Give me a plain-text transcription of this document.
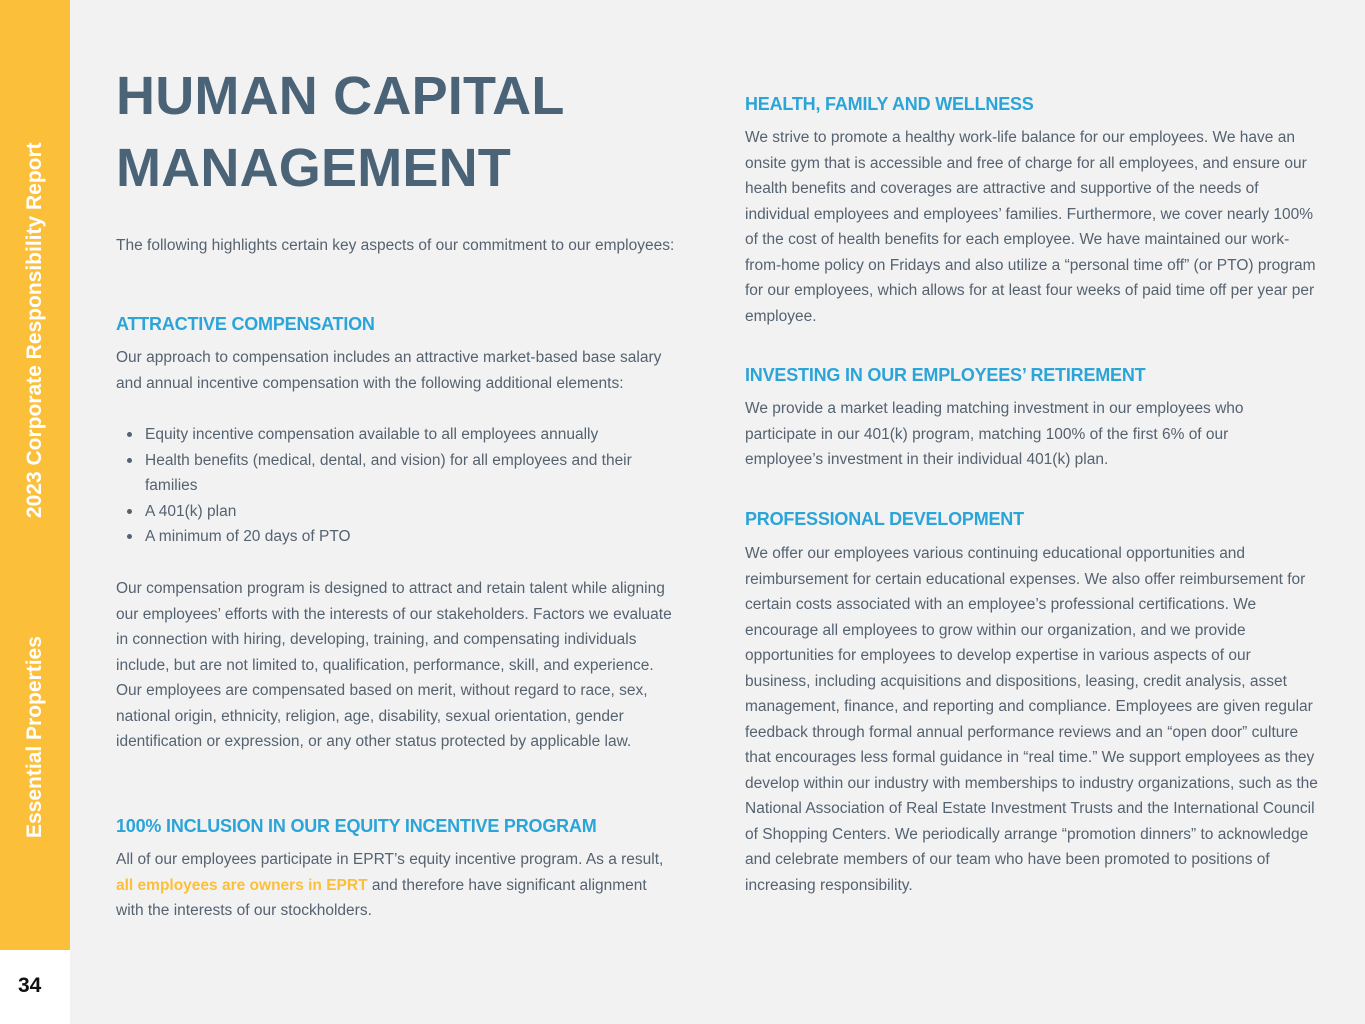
Essential Properties
2023 Corporate Responsibility Report
34
HUMAN CAPITAL
MANAGEMENT

The following highlights certain key aspects of our commitment to our employees:

ATTRACTIVE COMPENSATION

Our approach to compensation includes an attractive market-based base salary and annual incentive compensation with the following additional elements:

Equity incentive compensation available to all employees annually
Health benefits (medical, dental, and vision) for all employees and their families
A 401(k) plan
A minimum of 20 days of PTO

Our compensation program is designed to attract and retain talent while aligning our employees’ efforts with the interests of our stakeholders. Factors we evaluate in connection with hiring, developing, training, and compensating individuals include, but are not limited to, qualification, performance, skill, and experience. Our employees are compensated based on merit, without regard to race, sex, national origin, ethnicity, religion, age, disability, sexual orientation, gender identification or expression, or any other status protected by applicable law.

100% INCLUSION IN OUR EQUITY INCENTIVE PROGRAM

All of our employees participate in EPRT’s equity incentive program. As a result, all employees are owners in EPRT and therefore have significant alignment with the interests of our stockholders.

HEALTH, FAMILY AND WELLNESS

We strive to promote a healthy work-life balance for our employees. We have an onsite gym that is accessible and free of charge for all employees, and ensure our health benefits and coverages are attractive and supportive of the needs of individual employees and employees’ families. Furthermore, we cover nearly 100% of the cost of health benefits for each employee. We have maintained our work-from-home policy on Fridays and also utilize a “personal time off” (or PTO) program for our employees, which allows for at least four weeks of paid time off per year per employee.

INVESTING IN OUR EMPLOYEES’ RETIREMENT

We provide a market leading matching investment in our employees who participate in our 401(k) program, matching 100% of the first 6% of our employee’s investment in their individual 401(k) plan.

PROFESSIONAL DEVELOPMENT

We offer our employees various continuing educational opportunities and reimbursement for certain educational expenses. We also offer reimbursement for certain costs associated with an employee’s professional certifications. We encourage all employees to grow within our organization, and we provide opportunities for employees to develop expertise in various aspects of our business, including acquisitions and dispositions, leasing, credit analysis, asset management, finance, and reporting and compliance. Employees are given regular feedback through formal annual performance reviews and an “open door” culture that encourages less formal guidance in “real time.” We support employees as they develop within our industry with memberships to industry organizations, such as the National Association of Real Estate Investment Trusts and the International Council of Shopping Centers. We periodically arrange “promotion dinners” to acknowledge and celebrate members of our team who have been promoted to positions of increasing responsibility.
